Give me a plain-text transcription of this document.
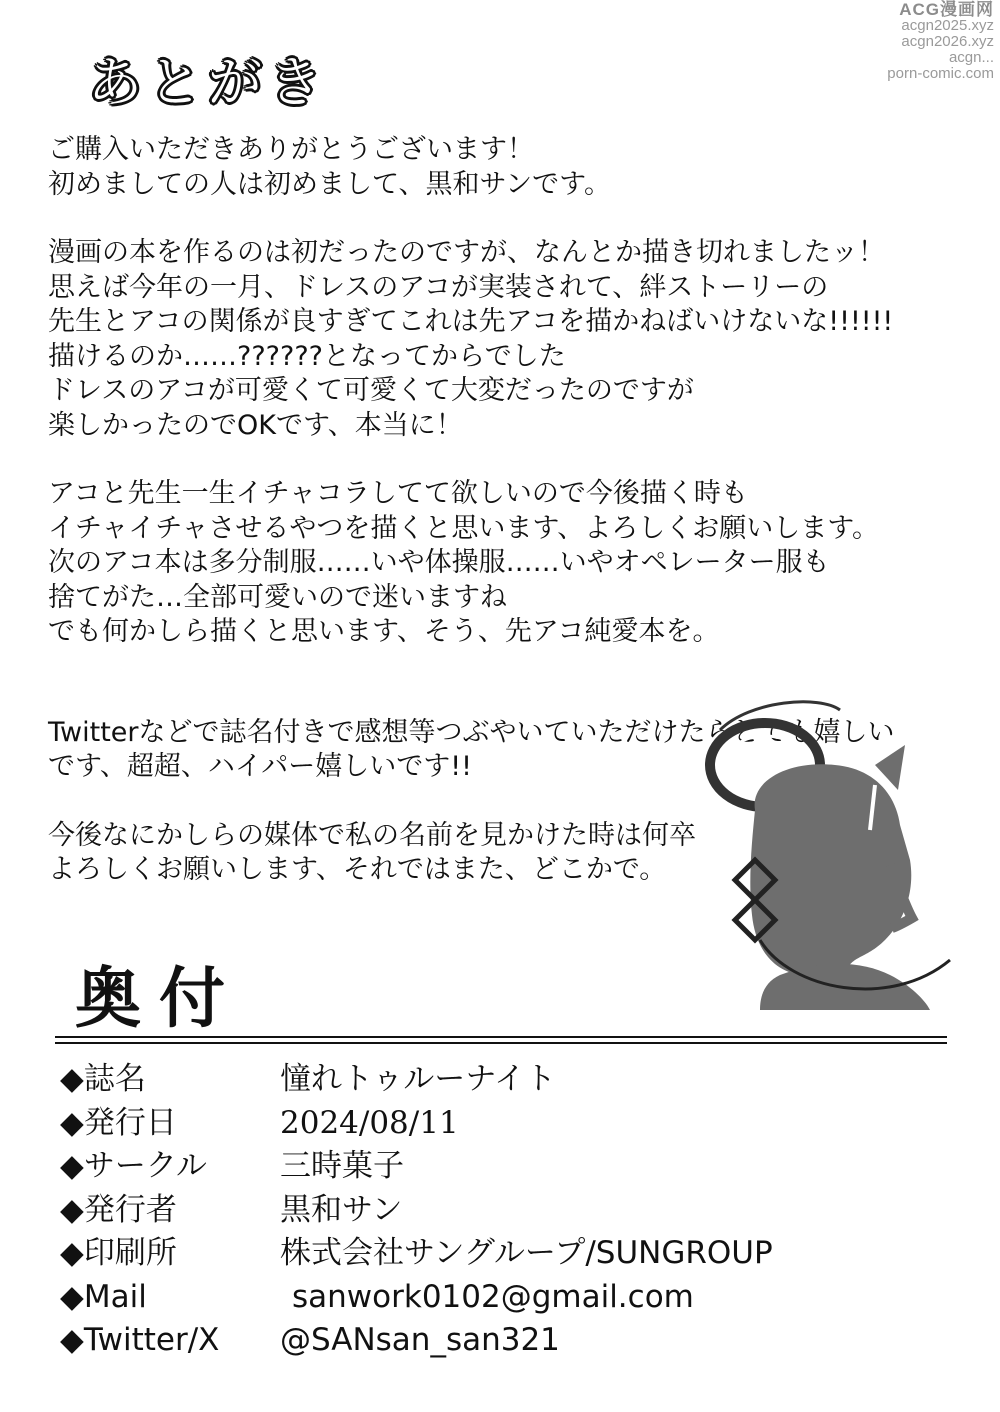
ACG漫画网
acgn2025.xyz
acgn2026.xyz
acgn...
porn-comic.com
あとがき

ご購入いただきありがとうございます！
初めましての人は初めまして、黒和サンです。

漫画の本を作るのは初だったのですが、なんとか描き切れましたッ！
思えば今年の一月、ドレスのアコが実装されて、絆ストーリーの
先生とアコの関係が良すぎてこれは先アコを描かねばいけないな!!!!!!
描けるのか……??????となってからでした
ドレスのアコが可愛くて可愛くて大変だったのですが
楽しかったのでOKです、本当に！

アコと先生一生イチャコラしてて欲しいので今後描く時も
イチャイチャさせるやつを描くと思います、よろしくお願いします。
次のアコ本は多分制服……いや体操服……いやオペレーター服も
捨てがた…全部可愛いので迷いますね
でも何かしら描くと思います、そう、先アコ純愛本を。

Twitterなどで誌名付きで感想等つぶやいていただけたらとても嬉しい
です、超超、ハイパー嬉しいです!!

今後なにかしらの媒体で私の名前を見かけた時は何卒
よろしくお願いします、それではまた、どこかで。

奥付
◆誌名	憧れトゥルーナイト
◆発行日	2024/08/11
◆サークル 三時菓子
◆発行者	黒和サン
◆印刷所	株式会社サングループ/SUNGROUP
◆Mail	sanwork0102@gmail.com
◆Twitter/X @SANsan_san321
